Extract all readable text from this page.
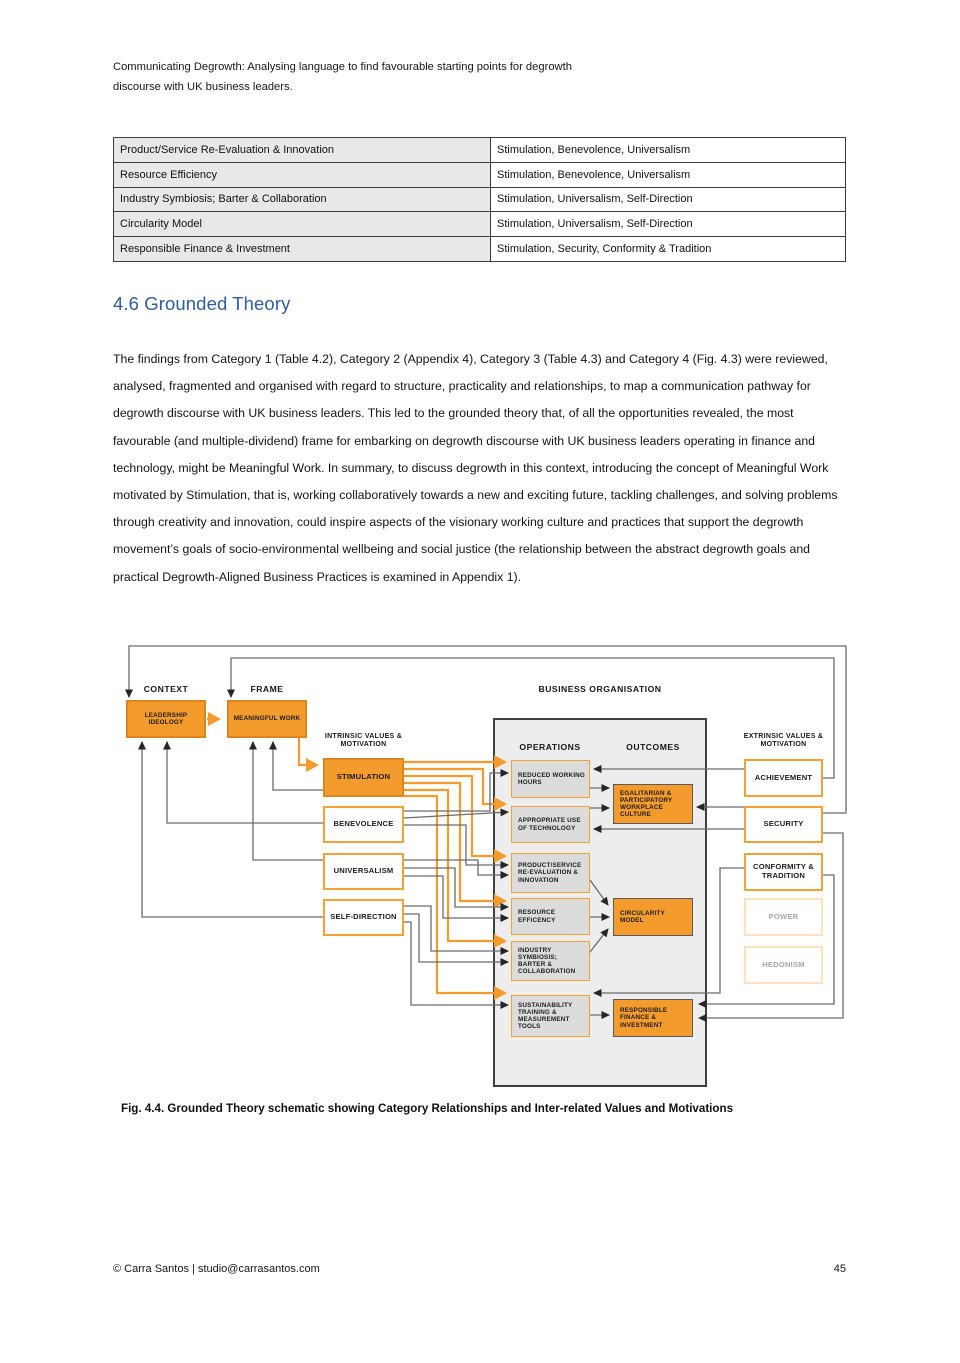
Communicating Degrowth: Analysing language to find favourable starting points for degrowth
discourse with UK business leaders.
Product/Service Re-Evaluation & Innovation	Stimulation, Benevolence, Universalism
Resource Efficiency	Stimulation, Benevolence, Universalism
Industry Symbiosis; Barter & Collaboration	Stimulation, Universalism, Self-Direction
Circularity Model	Stimulation, Universalism, Self-Direction
Responsible Finance & Investment	Stimulation, Security, Conformity & Tradition
4.6 Grounded Theory
The findings from Category 1 (Table 4.2), Category 2 (Appendix 4), Category 3 (Table 4.3) and Category 4 (Fig. 4.3) were reviewed, analysed, fragmented and organised with regard to structure, practicality and relationships, to map a communication pathway for degrowth discourse with UK business leaders. This led to the grounded theory that, of all the opportunities revealed, the most favourable (and multiple-dividend) frame for embarking on degrowth discourse with UK business leaders operating in finance and technology, might be Meaningful Work. In summary, to discuss degrowth in this context, introducing the concept of Meaningful Work motivated by Stimulation, that is, working collaboratively towards a new and exciting future, tackling challenges, and solving problems through creativity and innovation, could inspire aspects of the visionary working culture and practices that support the degrowth movement’s goals of socio-environmental wellbeing and social justice (the relationship between the abstract degrowth goals and practical Degrowth-Aligned Business Practices is examined in Appendix 1).
CONTEXT	FRAME	BUSINESS ORGANISATION
INTRINSIC VALUES & MOTIVATION
EXTRINSIC VALUES & MOTIVATION
OPERATIONS	OUTCOMES
LEADERSHIP IDEOLOGY
MEANINGFUL WORK
STIMULATION
BENEVOLENCE
UNIVERSALISM
SELF-DIRECTION
REDUCED WORKING HOURS
APPROPRIATE USE OF TECHNOLOGY
PRODUCT/SERVICE RE-EVALUATION & INNOVATION
RESOURCE EFFICENCY
INDUSTRY SYMBIOSIS; BARTER & COLLABORATION
SUSTAINABILITY TRAINING & MEASUREMENT TOOLS
EGALITARIAN & PARTICIPATORY WORKPLACE CULTURE
CIRCULARITY MODEL
RESPONSIBLE FINANCE & INVESTMENT
ACHIEVEMENT
SECURITY
CONFORMITY & TRADITION
POWER
HEDONISM
Fig. 4.4. Grounded Theory schematic showing Category Relationships and Inter-related Values and Motivations
© Carra Santos | studio@carrasantos.com	45
